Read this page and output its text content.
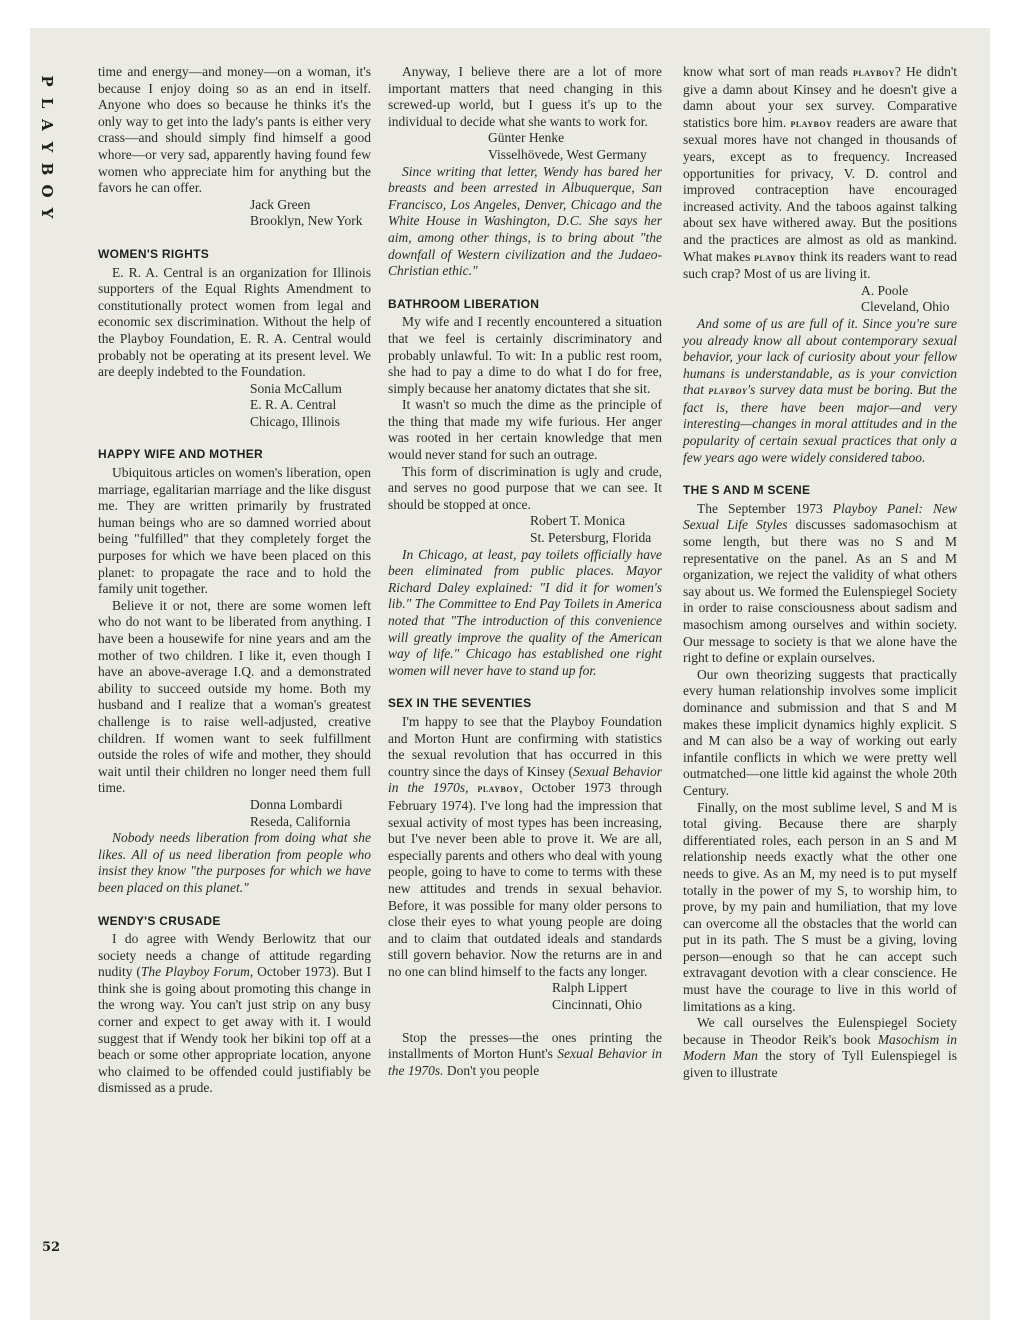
P
L
A
Y
B
O
Y
52

time and energy—and money—on a woman, it's because I enjoy doing so as an end in itself. Anyone who does so because he thinks it's the only way to get into the lady's pants is either very crass—and should simply find himself a good whore—or very sad, apparently having found few women who appreciate him for anything but the favors he can offer.

Jack Green

Brooklyn, New York

WOMEN'S RIGHTS

E. R. A. Central is an organization for Illinois supporters of the Equal Rights Amendment to constitutionally protect women from legal and economic sex discrimination. Without the help of the Playboy Foundation, E. R. A. Central would probably not be operating at its present level. We are deeply indebted to the Foundation.

Sonia McCallum

E. R. A. Central

Chicago, Illinois

HAPPY WIFE AND MOTHER

Ubiquitous articles on women's liberation, open marriage, egalitarian marriage and the like disgust me. They are written primarily by frustrated human beings who are so damned worried about being "fulfilled" that they completely forget the purposes for which we have been placed on this planet: to propagate the race and to hold the family unit together.

Believe it or not, there are some women left who do not want to be liberated from anything. I have been a housewife for nine years and am the mother of two children. I like it, even though I have an above-average I.Q. and a demonstrated ability to succeed outside my home. Both my husband and I realize that a woman's greatest challenge is to raise well-adjusted, creative children. If women want to seek fulfillment outside the roles of wife and mother, they should wait until their children no longer need them full time.

Donna Lombardi

Reseda, California

Nobody needs liberation from doing what she likes. All of us need liberation from people who insist they know "the purposes for which we have been placed on this planet."

WENDY'S CRUSADE

I do agree with Wendy Berlowitz that our society needs a change of attitude regarding nudity (The Playboy Forum, October 1973). But I think she is going about promoting this change in the wrong way. You can't just strip on any busy corner and expect to get away with it. I would suggest that if Wendy took her bikini top off at a beach or some other appropriate location, anyone who claimed to be offended could justifiably be dismissed as a prude.

Anyway, I believe there are a lot of more important matters that need changing in this screwed-up world, but I guess it's up to the individual to decide what she wants to work for.

Günter Henke

Visselhövede, West Germany

Since writing that letter, Wendy has bared her breasts and been arrested in Albuquerque, San Francisco, Los Angeles, Denver, Chicago and the White House in Washington, D.C. She says her aim, among other things, is to bring about "the downfall of Western civilization and the Judaeo-Christian ethic."

BATHROOM LIBERATION

My wife and I recently encountered a situation that we feel is certainly discriminatory and probably unlawful. To wit: In a public rest room, she had to pay a dime to do what I do for free, simply because her anatomy dictates that she sit.

It wasn't so much the dime as the principle of the thing that made my wife furious. Her anger was rooted in her certain knowledge that men would never stand for such an outrage.

This form of discrimination is ugly and crude, and serves no good purpose that we can see. It should be stopped at once.

Robert T. Monica

St. Petersburg, Florida

In Chicago, at least, pay toilets officially have been eliminated from public places. Mayor Richard Daley explained: "I did it for women's lib." The Committee to End Pay Toilets in America noted that "The introduction of this convenience will greatly improve the quality of the American way of life." Chicago has established one right women will never have to stand up for.

SEX IN THE SEVENTIES

I'm happy to see that the Playboy Foundation and Morton Hunt are confirming with statistics the sexual revolution that has occurred in this country since the days of Kinsey (Sexual Behavior in the 1970s, playboy, October 1973 through February 1974). I've long had the impression that sexual activity of most types has been increasing, but I've never been able to prove it. We are all, especially parents and others who deal with young people, going to have to come to terms with these new attitudes and trends in sexual behavior. Before, it was possible for many older persons to close their eyes to what young people are doing and to claim that outdated ideals and standards still govern behavior. Now the returns are in and no one can blind himself to the facts any longer.

Ralph Lippert

Cincinnati, Ohio

Stop the presses—the ones printing the installments of Morton Hunt's Sexual Behavior in the 1970s. Don't you people

know what sort of man reads playboy? He didn't give a damn about Kinsey and he doesn't give a damn about your sex survey. Comparative statistics bore him. playboy readers are aware that sexual mores have not changed in thousands of years, except as to frequency. Increased opportunities for privacy, V. D. control and improved contraception have encouraged increased activity. And the taboos against talking about sex have withered away. But the positions and the practices are almost as old as mankind. What makes playboy think its readers want to read such crap? Most of us are living it.

A. Poole

Cleveland, Ohio

And some of us are full of it. Since you're sure you already know all about contemporary sexual behavior, your lack of curiosity about your fellow humans is understandable, as is your conviction that playboy's survey data must be boring. But the fact is, there have been major—and very interesting—changes in moral attitudes and in the popularity of certain sexual practices that only a few years ago were widely considered taboo.

THE S AND M SCENE

The September 1973 Playboy Panel: New Sexual Life Styles discusses sadomasochism at some length, but there was no S and M representative on the panel. As an S and M organization, we reject the validity of what others say about us. We formed the Eulenspiegel Society in order to raise consciousness about sadism and masochism among ourselves and within society. Our message to society is that we alone have the right to define or explain ourselves.

Our own theorizing suggests that practically every human relationship involves some implicit dominance and submission and that S and M makes these implicit dynamics highly explicit. S and M can also be a way of working out early infantile conflicts in which we were pretty well outmatched—one little kid against the whole 20th Century.

Finally, on the most sublime level, S and M is total giving. Because there are sharply differentiated roles, each person in an S and M relationship needs exactly what the other one needs to give. As an M, my need is to put myself totally in the power of my S, to worship him, to prove, by my pain and humiliation, that my love can overcome all the obstacles that the world can put in its path. The S must be a giving, loving person—enough so that he can accept such extravagant devotion with a clear conscience. He must have the courage to live in this world of limitations as a king.

We call ourselves the Eulenspiegel Society because in Theodor Reik's book Masochism in Modern Man the story of Tyll Eulenspiegel is given to illustrate
